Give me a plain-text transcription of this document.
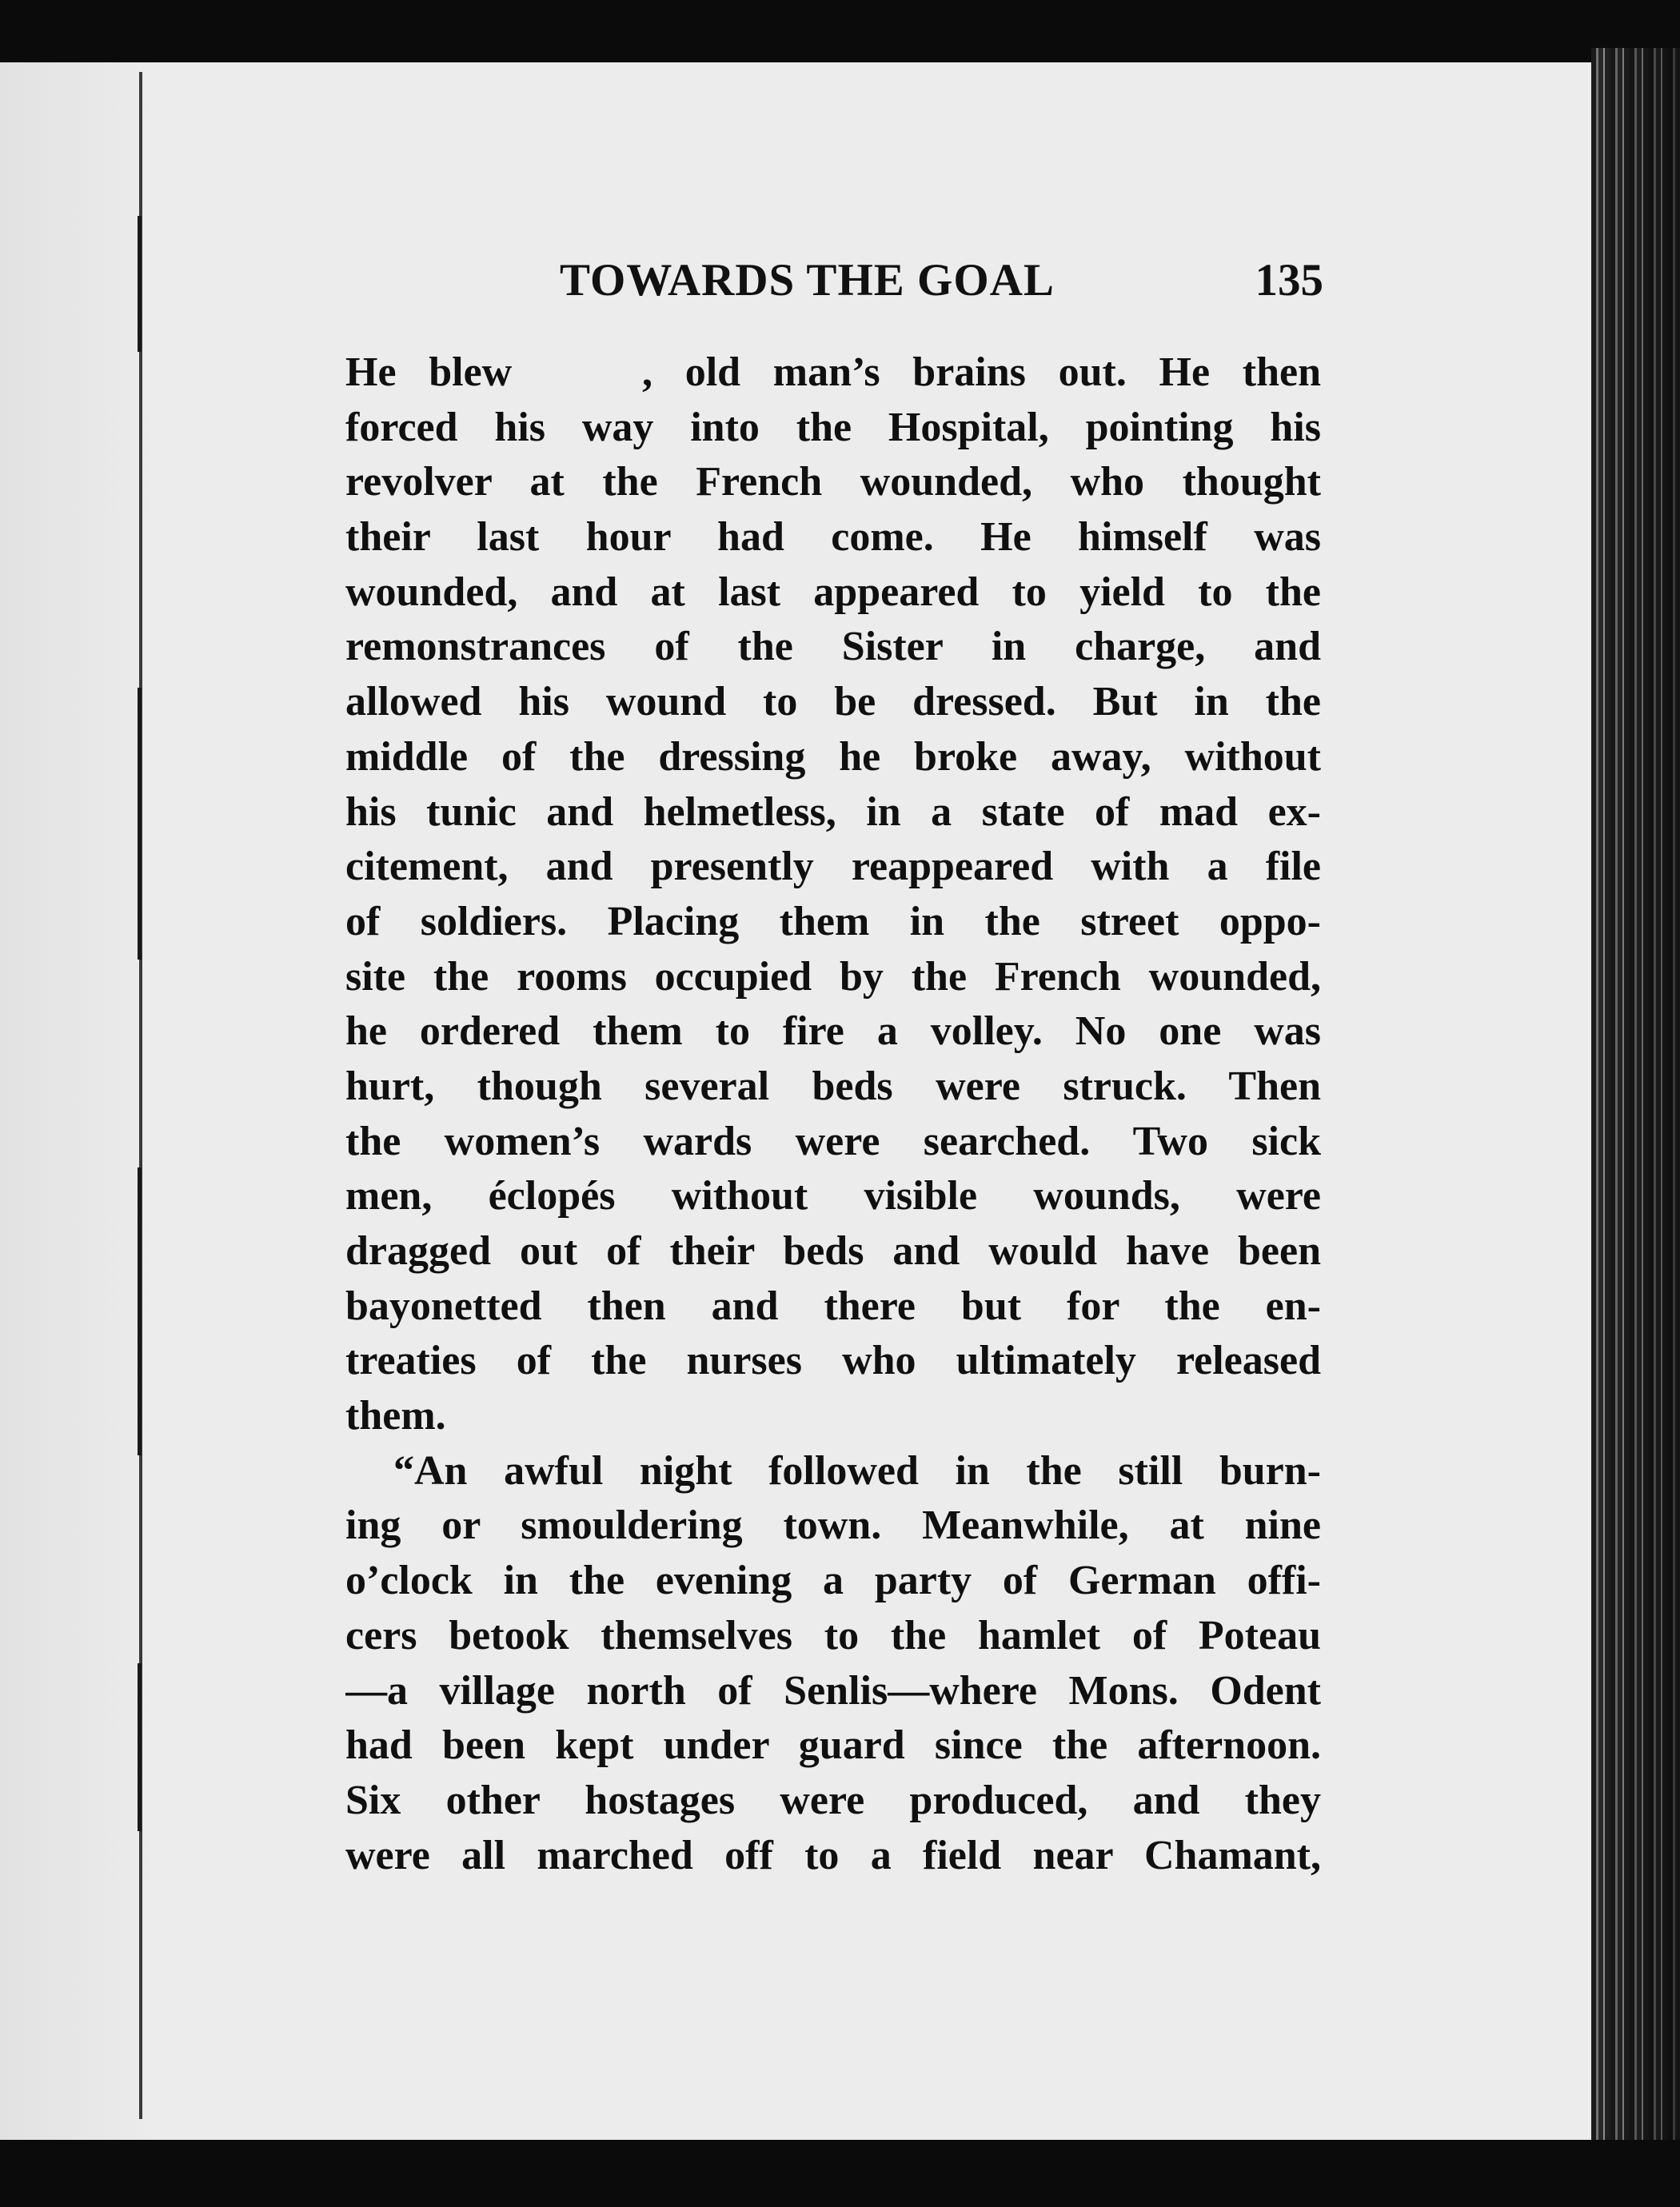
TOWARDS THE GOAL	135
He blew    , old man’s brains out. He then
forced his way into the Hospital, pointing his
revolver at the French wounded, who thought
their last hour had come. He himself was
wounded, and at last appeared to yield to the
remonstrances of the Sister in charge, and
allowed his wound to be dressed. But in the
middle of the dressing he broke away, without
his tunic and helmetless, in a state of mad ex-
citement, and presently reappeared with a file
of soldiers. Placing them in the street oppo-
site the rooms occupied by the French wounded,
he ordered them to fire a volley. No one was
hurt, though several beds were struck. Then
the women’s wards were searched. Two sick
men, éclopés without visible wounds, were
dragged out of their beds and would have been
bayonetted then and there but for the en-
treaties of the nurses who ultimately released
them.
“An awful night followed in the still burn-
ing or smouldering town. Meanwhile, at nine
o’clock in the evening a party of German offi-
cers betook themselves to the hamlet of Poteau
—a village north of Senlis—where Mons. Odent
had been kept under guard since the afternoon.
Six other hostages were produced, and they
were all marched off to a field near Chamant,
